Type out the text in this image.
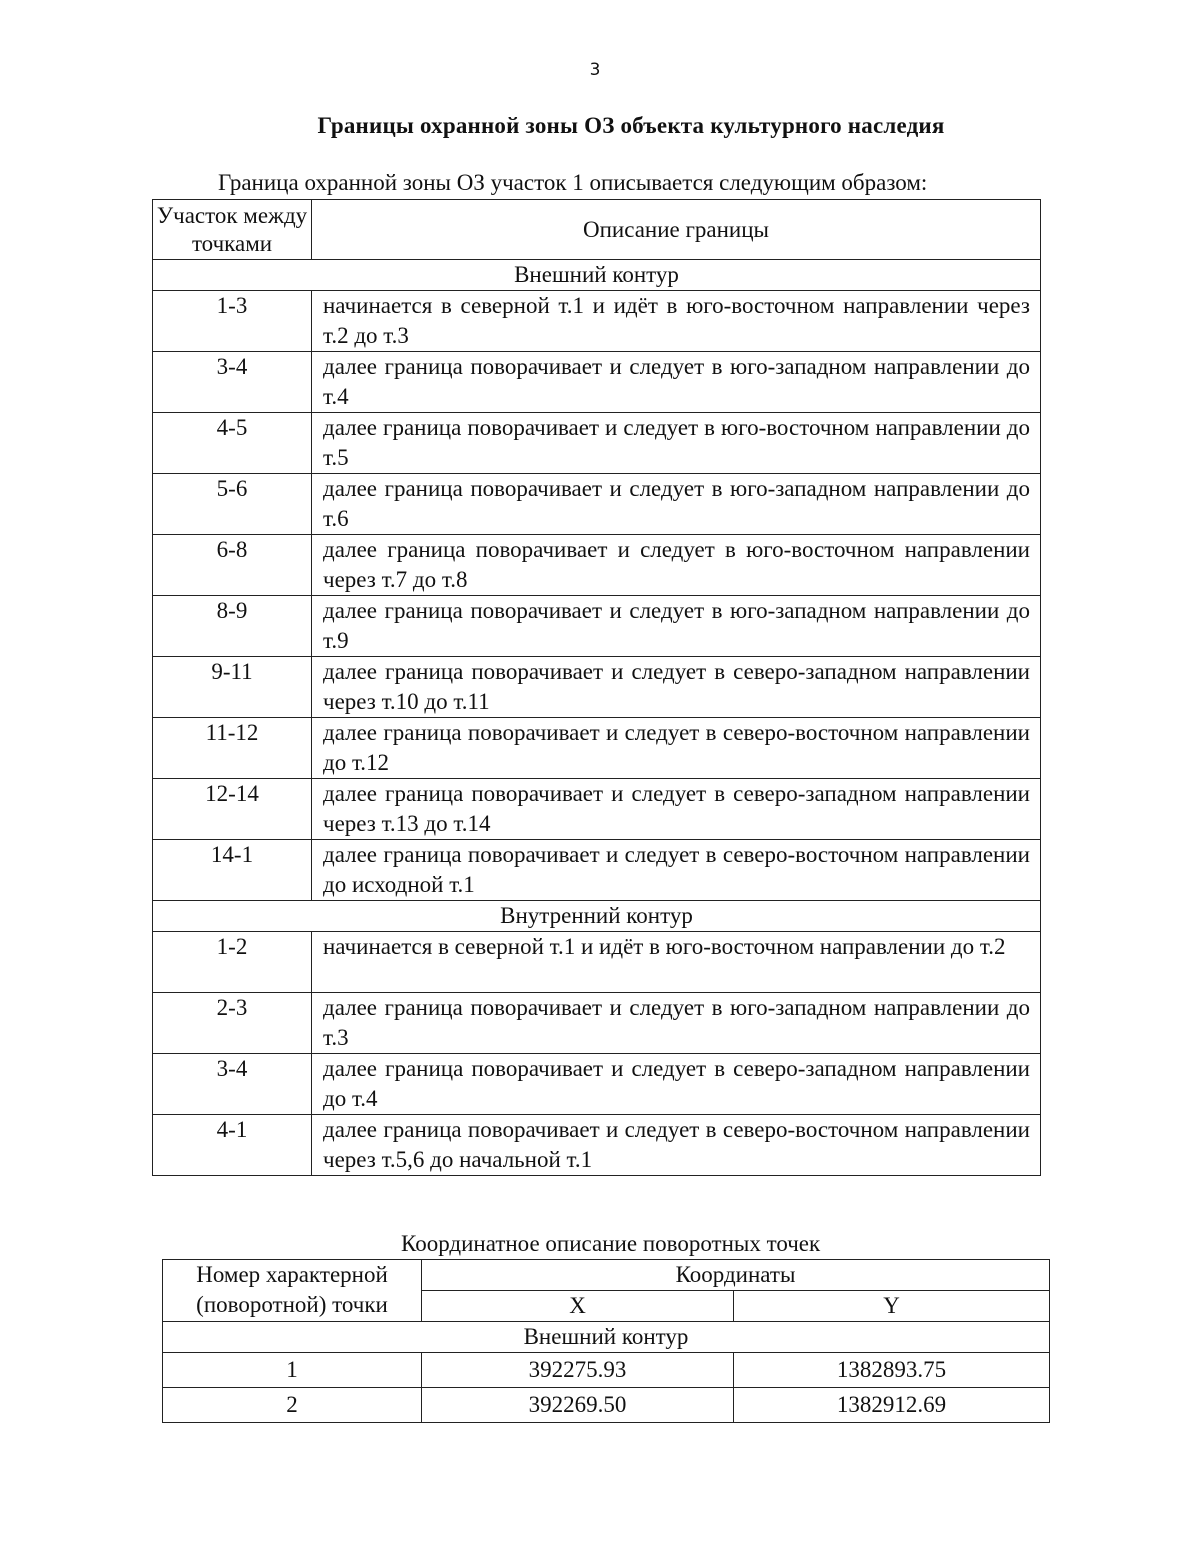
3
Границы охранной зоны ОЗ объекта культурного наследия
Граница охранной зоны ОЗ участок 1 описывается следующим образом:
Участок между точками	Описание границы
Внешний контур	
1-3	начинается в северной т.1 и идёт в юго-восточном направлении через т.2 до т.3
3-4	далее граница поворачивает и следует в юго-западном направлении до т.4
4-5	далее граница поворачивает и следует в юго-восточном направлении до т.5
5-6	далее граница поворачивает и следует в юго-западном направлении до т.6
6-8	далее граница поворачивает и следует в юго-восточном направлении через т.7 до т.8
8-9	далее граница поворачивает и следует в юго-западном направлении до т.9
9-11	далее граница поворачивает и следует в северо-западном направлении через т.10 до т.11
11-12	далее граница поворачивает и следует в северо-восточном направлении до т.12
12-14	далее граница поворачивает и следует в северо-западном направлении через т.13 до т.14
14-1	далее граница поворачивает и следует в северо-восточном направлении до исходной т.1
Внутренний контур	
1-2	начинается в северной т.1 и идёт в юго-восточном направлении до т.2
2-3	далее граница поворачивает и следует в юго-западном направлении до т.3
3-4	далее граница поворачивает и следует в северо-западном направлении до т.4
4-1	далее граница поворачивает и следует в северо-восточном направлении через т.5,6 до начальной т.1
Координатное описание поворотных точек
Номер характерной (поворотной) точки	Координаты	
	X	Y
Внешний контур		
1	392275.93	1382893.75
2	392269.50	1382912.69
